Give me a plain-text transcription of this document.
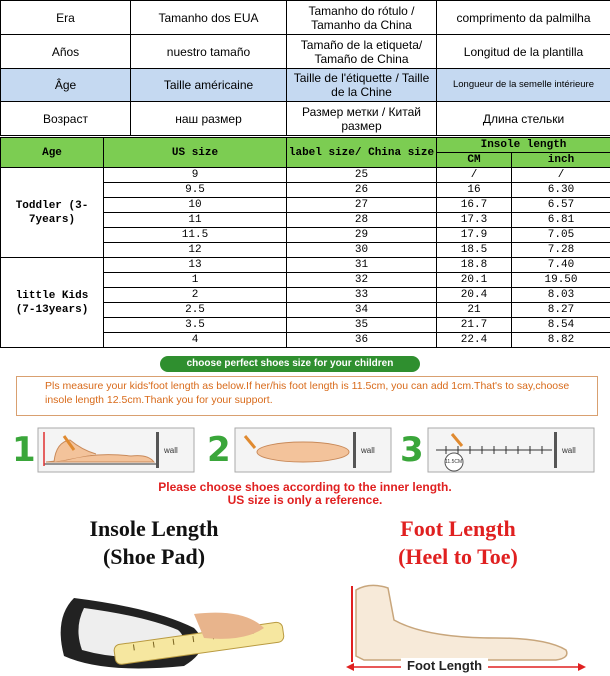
Era	Tamanho dos EUA	Tamanho do rótulo / Tamanho da China	comprimento da palmilha
Años	nuestro tamaño	Tamaño de la etiqueta/ Tamaño de China	Longitud de la plantilla
Âge	Taille américaine	Taille de l'étiquette / Taille de la Chine	Longueur de la semelle intérieure
Возраст	наш размер	Размер метки / Китай размер	Длина стельки
Age	US size	label size/ China size	Insole length	
			CM	inch
Toddler (3-7years)	9	25	/	/
	9.5	26	16	6.30
	10	27	16.7	6.57
	11	28	17.3	6.81
	11.5	29	17.9	7.05
	12	30	18.5	7.28
little Kids (7-13years)	13	31	18.8	7.40
	1	32	20.1	19.50
	2	33	20.4	8.03
	2.5	34	21	8.27
	3.5	35	21.7	8.54
	4	36	22.4	8.82
choose perfect shoes size for your children
Pls measure your kids'foot length as below.If her/his foot length is 11.5cm, you can add 1cm.That's to say,choose insole length 12.5cm.Thank you for your support.
1	wall 2	wall 3	wall
11.5CM
Please choose shoes according to the inner length.
US size is only a reference.
Insole Length
(Shoe Pad)
Foot Length
(Heel to Toe)
Foot Length
